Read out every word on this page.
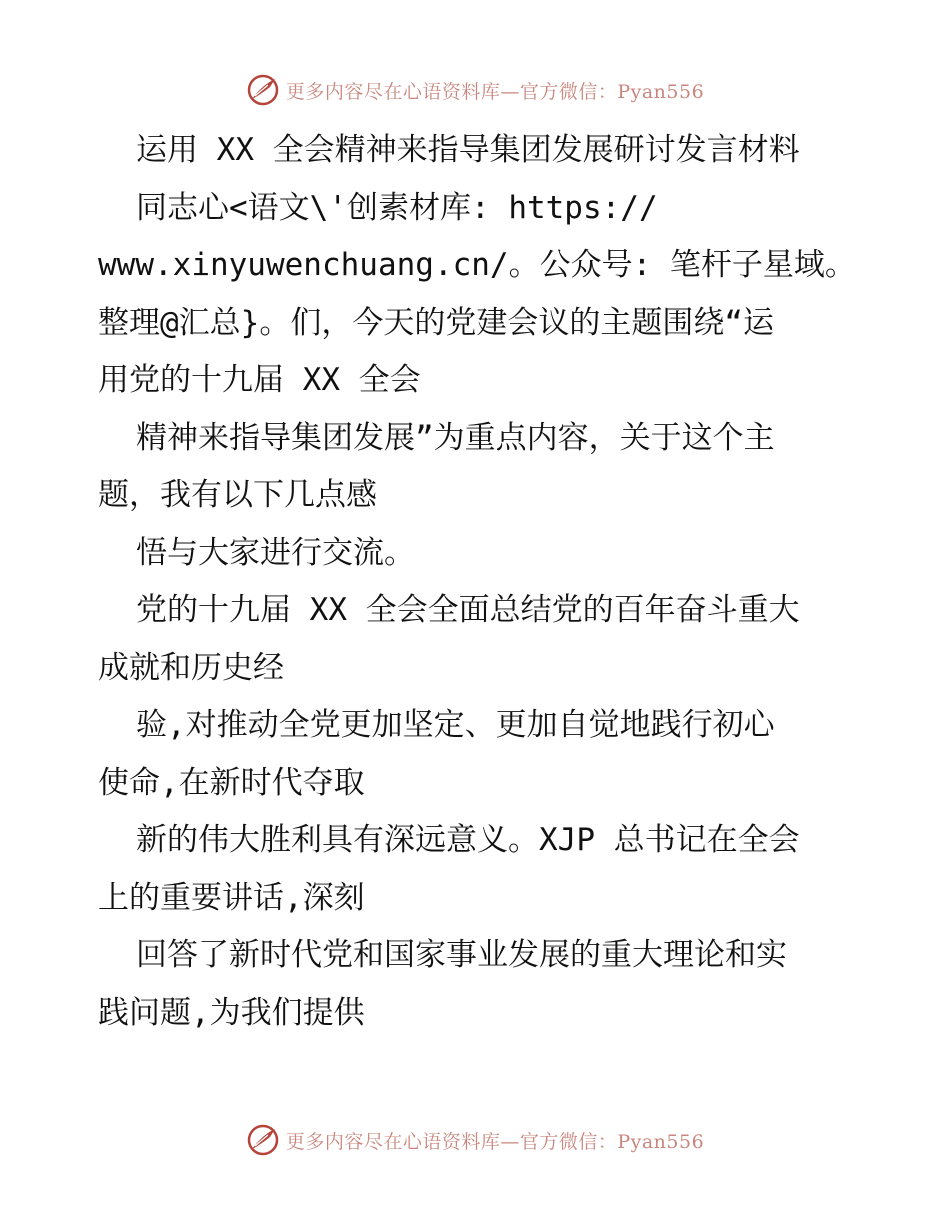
更多内容尽在心语资料库—官方微信：Pyan556

运用 XX 全会精神来指导集团发展研讨发言材料

同志心<语文\'创素材库: https://

www.xinyuwenchuang.cn/。公众号: 笔杆子星域。

整理@汇总}。们，今天的党建会议的主题围绕“运

用党的十九届 XX 全会

精神来指导集团发展”为重点内容，关于这个主

题，我有以下几点感

悟与大家进行交流。

党的十九届 XX 全会全面总结党的百年奋斗重大

成就和历史经

验,对推动全党更加坚定、更加自觉地践行初心

使命,在新时代夺取

新的伟大胜利具有深远意义。XJP 总书记在全会

上的重要讲话,深刻

回答了新时代党和国家事业发展的重大理论和实

践问题,为我们提供

更多内容尽在心语资料库—官方微信：Pyan556
